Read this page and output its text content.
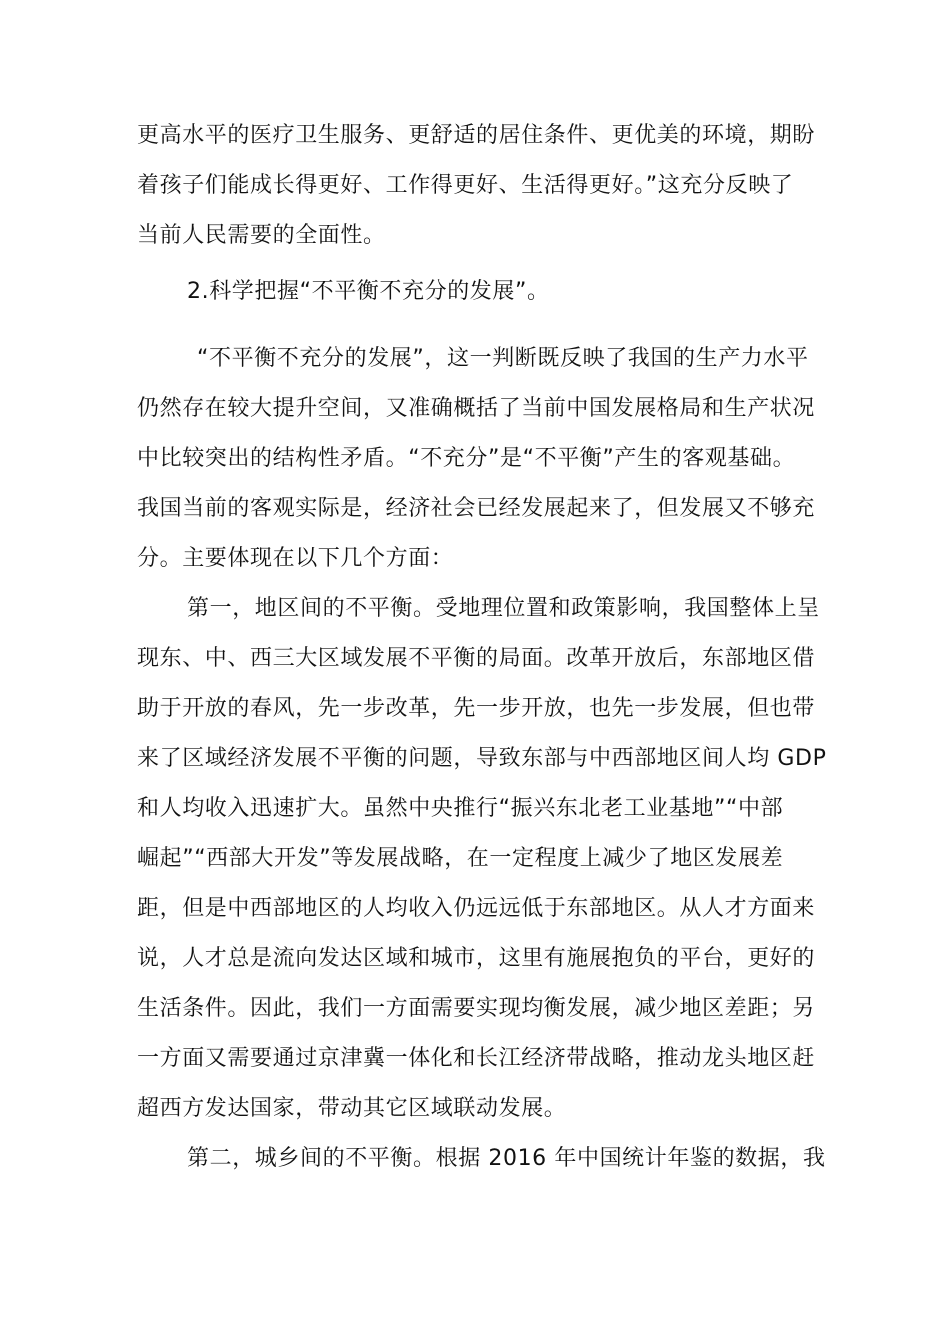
更高水平的医疗卫生服务、更舒适的居住条件、更优美的环境，期盼
着孩子们能成长得更好、工作得更好、生活得更好。”这充分反映了
当前人民需要的全面性。
2.科学把握“不平衡不充分的发展”。
“不平衡不充分的发展”，这一判断既反映了我国的生产力水平
仍然存在较大提升空间，又准确概括了当前中国发展格局和生产状况
中比较突出的结构性矛盾。“不充分”是“不平衡”产生的客观基础。
我国当前的客观实际是，经济社会已经发展起来了，但发展又不够充
分。主要体现在以下几个方面：
第一，地区间的不平衡。受地理位置和政策影响，我国整体上呈
现东、中、西三大区域发展不平衡的局面。改革开放后，东部地区借
助于开放的春风，先一步改革，先一步开放，也先一步发展，但也带
来了区域经济发展不平衡的问题，导致东部与中西部地区间人均 GDP
和人均收入迅速扩大。虽然中央推行“振兴东北老工业基地”“中部
崛起”“西部大开发”等发展战略，在一定程度上减少了地区发展差
距，但是中西部地区的人均收入仍远远低于东部地区。从人才方面来
说，人才总是流向发达区域和城市，这里有施展抱负的平台，更好的
生活条件。因此，我们一方面需要实现均衡发展，减少地区差距；另
一方面又需要通过京津冀一体化和长江经济带战略，推动龙头地区赶
超西方发达国家，带动其它区域联动发展。
第二，城乡间的不平衡。根据 2016 年中国统计年鉴的数据，我
